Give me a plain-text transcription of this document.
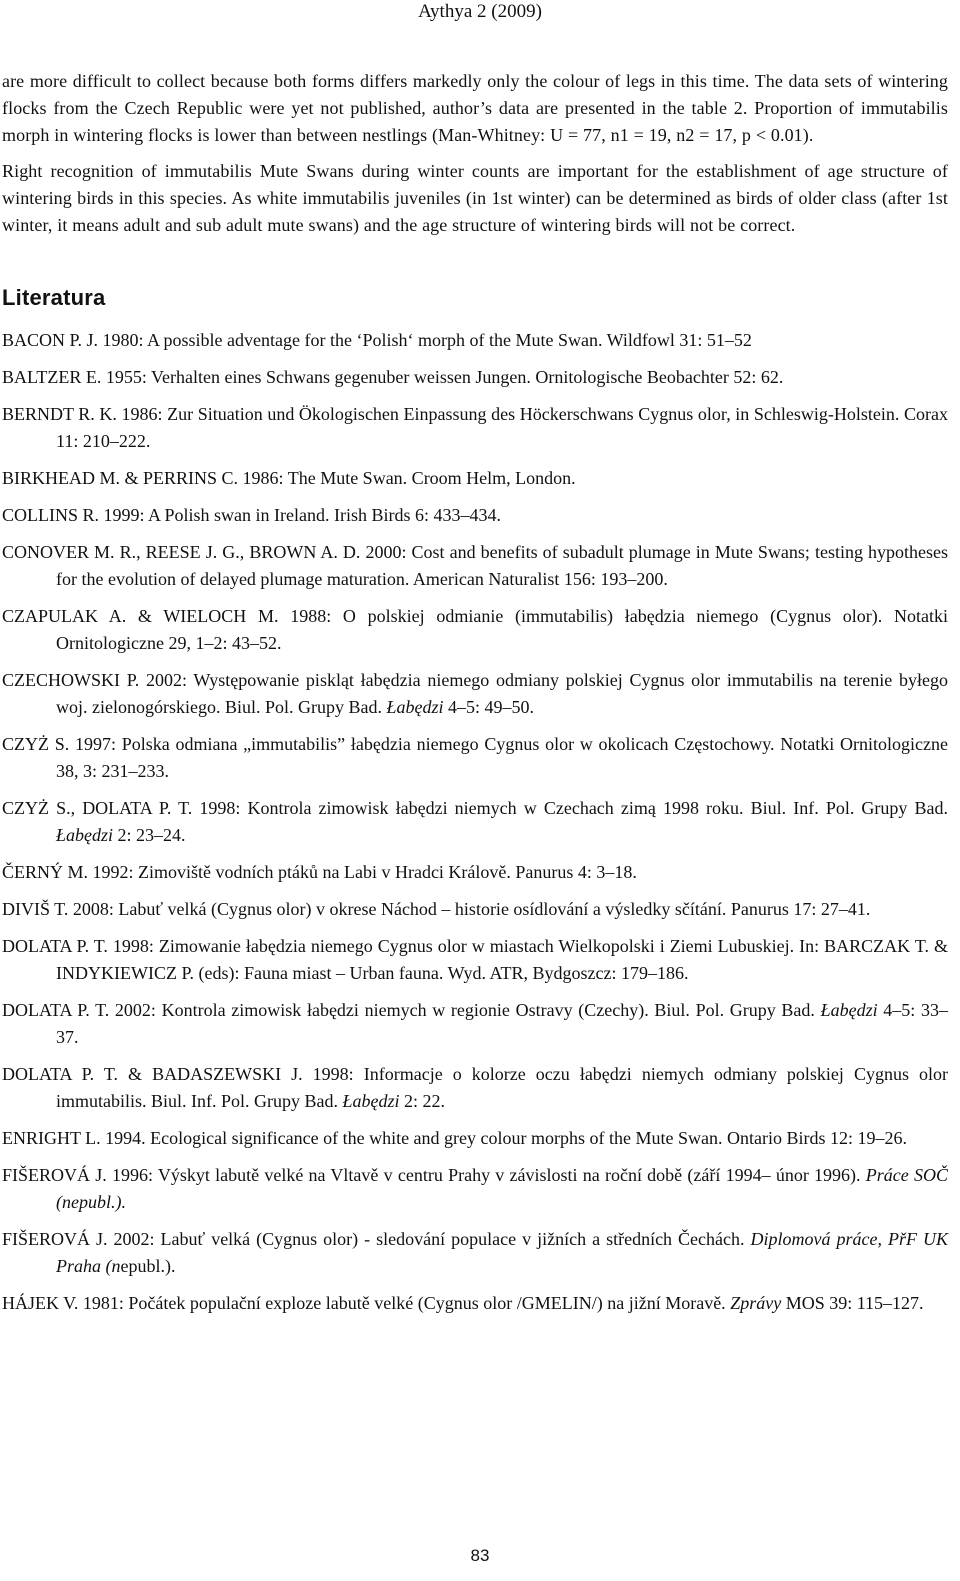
Aythya 2 (2009)

are more difficult to collect because both forms differs markedly only the colour of legs in this time. The data sets of wintering flocks from the Czech Republic were yet not published, author’s data are presented in the table 2. Proportion of immutabilis morph in wintering flocks is lower than between nestlings (Man-Whitney: U = 77, n1 = 19, n2 = 17, p < 0.01).

Right recognition of immutabilis Mute Swans during winter counts are important for the establishment of age structure of wintering birds in this species. As white immutabilis juveniles (in 1st winter) can be determined as birds of older class (after 1st winter, it means adult and sub adult mute swans) and the age structure of wintering birds will not be correct.

Literatura
BACON P. J. 1980: A possible adventage for the ‘Polish‘ morph of the Mute Swan. Wildfowl 31: 51–52
BALTZER E. 1955: Verhalten eines Schwans gegenuber weissen Jungen. Ornitologische Beobachter 52: 62.
BERNDT R. K. 1986: Zur Situation und Ökologischen Einpassung des Höckerschwans Cygnus olor, in Schleswig-Holstein. Corax 11: 210–222.
BIRKHEAD M. & PERRINS C. 1986: The Mute Swan. Croom Helm, London.
COLLINS R. 1999: A Polish swan in Ireland. Irish Birds 6: 433–434.
CONOVER M. R., REESE J. G., BROWN A. D. 2000: Cost and benefits of subadult plumage in Mute Swans; testing hypotheses for the evolution of delayed plumage maturation. American Naturalist 156: 193–200.
CZAPULAK A. & WIELOCH M. 1988: O polskiej odmianie (immutabilis) łabędzia niemego (Cygnus olor). Notatki Ornitologiczne 29, 1–2: 43–52.
CZECHOWSKI P. 2002: Występowanie piskląt łabędzia niemego odmiany polskiej Cygnus olor immutabilis na terenie byłego woj. zielonogórskiego. Biul. Pol. Grupy Bad. Łabędzi 4–5: 49–50.
CZYŻ S. 1997: Polska odmiana „immutabilis” łabędzia niemego Cygnus olor w okolicach Częstochowy. Notatki Ornitologiczne 38, 3: 231–233.
CZYŻ S., DOLATA P. T. 1998: Kontrola zimowisk łabędzi niemych w Czechach zimą 1998 roku. Biul. Inf. Pol. Grupy Bad. Łabędzi 2: 23–24.
ČERNÝ M. 1992: Zimoviště vodních ptáků na Labi v Hradci Králově. Panurus 4: 3–18.
DIVIŠ T. 2008: Labuť velká (Cygnus olor) v okrese Náchod – historie osídlování a výsledky sčítání. Panurus 17: 27–41.
DOLATA P. T. 1998: Zimowanie łabędzia niemego Cygnus olor w miastach Wielkopolski i Ziemi Lubuskiej. In: BARCZAK T. & INDYKIEWICZ P. (eds): Fauna miast – Urban fauna. Wyd. ATR, Bydgoszcz: 179–186.
DOLATA P. T. 2002: Kontrola zimowisk łabędzi niemych w regionie Ostravy (Czechy). Biul. Pol. Grupy Bad. Łabędzi 4–5: 33–37.
DOLATA P. T. & BADASZEWSKI J. 1998: Informacje o kolorze oczu łabędzi niemych odmiany polskiej Cygnus olor immutabilis. Biul. Inf. Pol. Grupy Bad. Łabędzi 2: 22.
ENRIGHT L. 1994. Ecological significance of the white and grey colour morphs of the Mute Swan. Ontario Birds 12: 19–26.
FIŠEROVÁ J. 1996: Výskyt labutě velké na Vltavě v centru Prahy v závislosti na roční době (září 1994– únor 1996). Práce SOČ (nepubl.).
FIŠEROVÁ J. 2002: Labuť velká (Cygnus olor) - sledování populace v jižních a středních Čechách. Diplomová práce, PřF UK Praha (nepubl.).
HÁJEK V. 1981: Počátek populační exploze labutě velké (Cygnus olor /GMELIN/) na jižní Moravě. Zprávy MOS 39: 115–127.
83
